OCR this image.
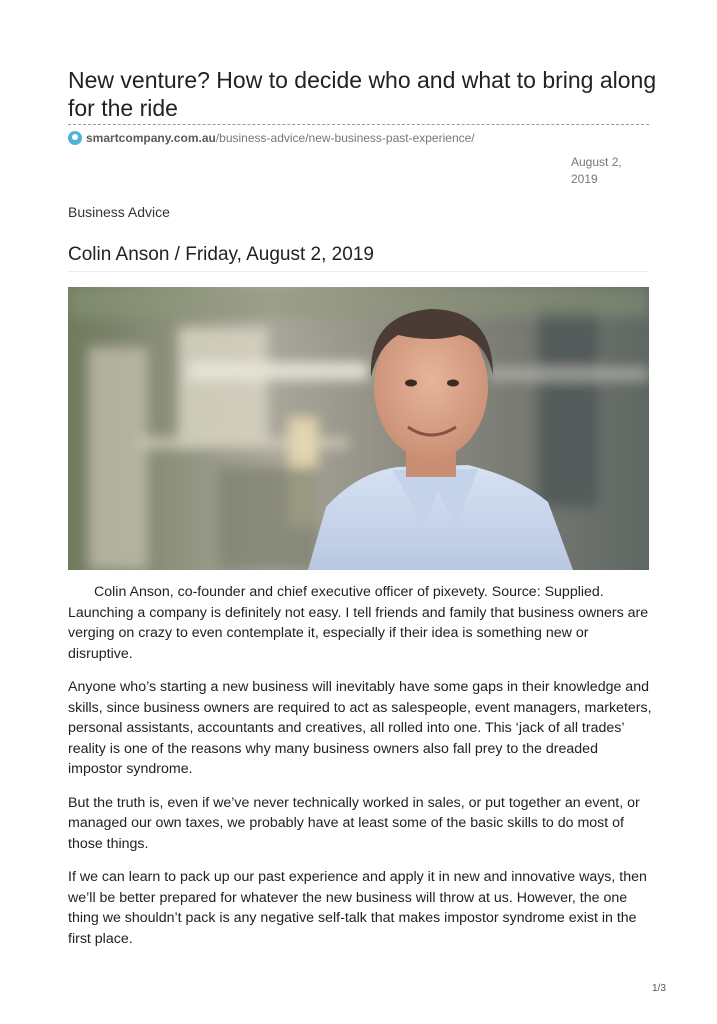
New venture? How to decide who and what to bring along for the ride
smartcompany.com.au /business-advice/new-business-past-experience/
August 2, 2019
Business Advice
Colin Anson / Friday, August 2, 2019

Colin Anson, co-founder and chief executive officer of pixevety. Source: Supplied.
Launching a company is definitely not easy. I tell friends and family that business owners are verging on crazy to even contemplate it, especially if their idea is something new or disruptive.

Anyone who’s starting a new business will inevitably have some gaps in their knowledge and skills, since business owners are required to act as salespeople, event managers, marketers, personal assistants, accountants and creatives, all rolled into one. This ‘jack of all trades’ reality is one of the reasons why many business owners also fall prey to the dreaded impostor syndrome.

But the truth is, even if we’ve never technically worked in sales, or put together an event, or managed our own taxes, we probably have at least some of the basic skills to do most of those things.

If we can learn to pack up our past experience and apply it in new and innovative ways, then we’ll be better prepared for whatever the new business will throw at us. However, the one thing we shouldn’t pack is any negative self-talk that makes impostor syndrome exist in the first place.

1/3
